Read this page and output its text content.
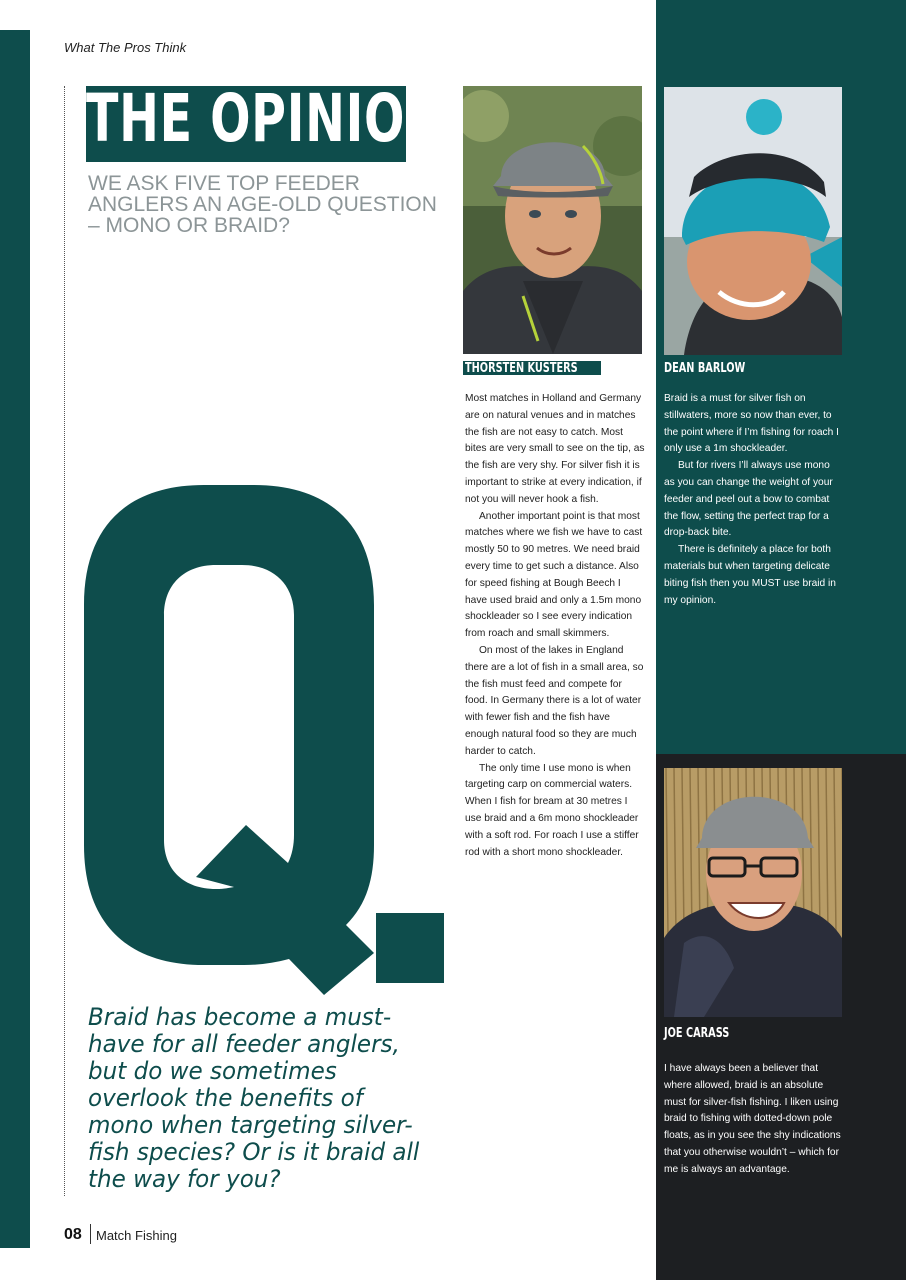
What The Pros Think
THE OPINION
WE ASK FIVE TOP FEEDER ANGLERS AN AGE-OLD QUESTION – MONO OR BRAID?
Braid has become a must-have for all feeder anglers, but do we sometimes overlook the benefits of mono when targeting silver-fish species? Or is it braid all the way for you?
08 Match Fishing
THORSTEN KUSTERS	DEAN BARLOW
JOE CARASS

Most matches in Holland and Germany are on natural venues and in matches the fish are not easy to catch. Most bites are very small to see on the tip, as the fish are very shy. For silver fish it is important to strike at every indication, if not you will never hook a fish.

Another important point is that most matches where we fish we have to cast mostly 50 to 90 metres. We need braid every time to get such a distance. Also for speed fishing at Bough Beech I have used braid and only a 1.5m mono shockleader so I see every indication from roach and small skimmers.

On most of the lakes in England there are a lot of fish in a small area, so the fish must feed and compete for food. In Germany there is a lot of water with fewer fish and the fish have enough natural food so they are much harder to catch.

The only time I use mono is when targeting carp on commercial waters. When I fish for bream at 30 metres I use braid and a 6m mono shockleader with a soft rod. For roach I use a stiffer rod with a short mono shockleader.

Braid is a must for silver fish on stillwaters, more so now than ever, to the point where if I’m fishing for roach I only use a 1m shockleader.

But for rivers I’ll always use mono as you can change the weight of your feeder and peel out a bow to combat the flow, setting the perfect trap for a drop-back bite.

There is definitely a place for both materials but when targeting delicate biting fish then you MUST use braid in my opinion.

I have always been a believer that where allowed, braid is an absolute must for silver-fish fishing. I liken using braid to fishing with dotted-down pole floats, as in you see the shy indications that you otherwise wouldn’t – which for me is always an advantage.
